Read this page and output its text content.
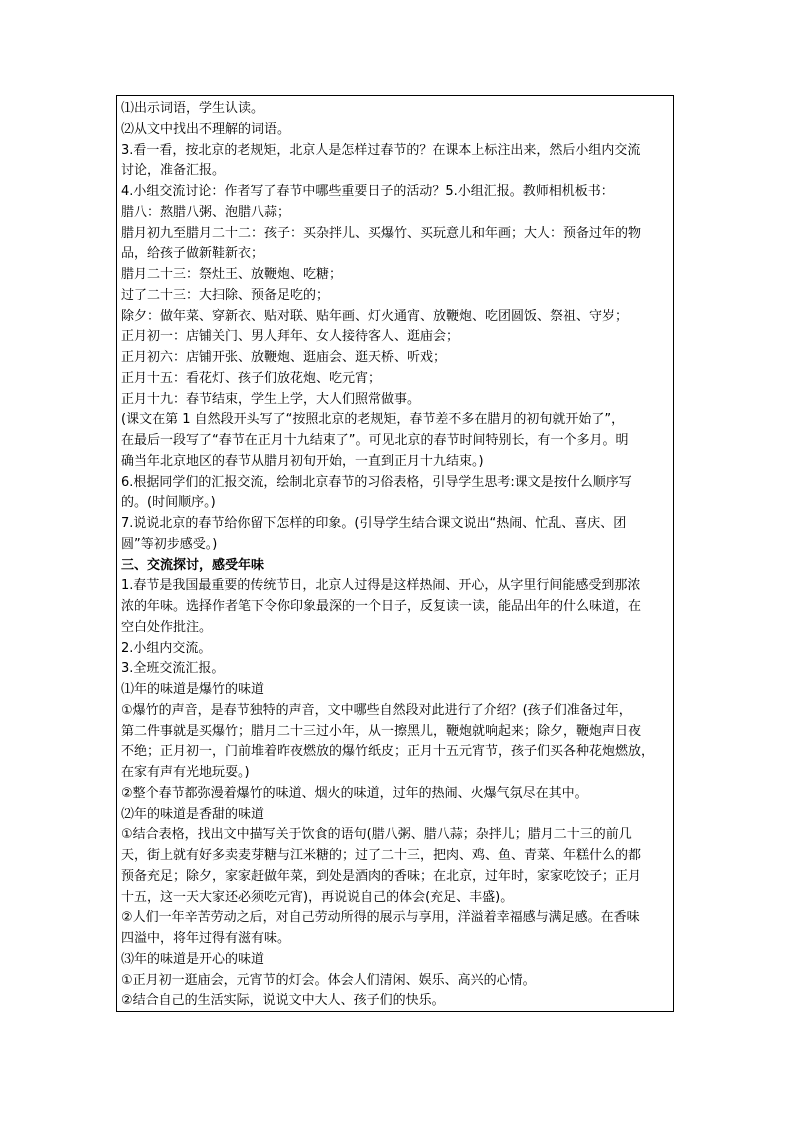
⑴出示词语，学生认读。
⑵从文中找出不理解的词语。
3.看一看，按北京的老规矩，北京人是怎样过春节的？在课本上标注出来，然后小组内交流
讨论，准备汇报。
4.小组交流讨论：作者写了春节中哪些重要日子的活动？5.小组汇报。教师相机板书：
腊八：熬腊八粥、泡腊八蒜；
腊月初九至腊月二十二：孩子：买杂拌儿、买爆竹、买玩意儿和年画；大人：预备过年的物
品，给孩子做新鞋新衣；
腊月二十三：祭灶王、放鞭炮、吃糖；
过了二十三：大扫除、预备足吃的；
除夕：做年菜、穿新衣、贴对联、贴年画、灯火通宵、放鞭炮、吃团圆饭、祭祖、守岁；
正月初一：店铺关门、男人拜年、女人接待客人、逛庙会；
正月初六：店铺开张、放鞭炮、逛庙会、逛天桥、听戏；
正月十五：看花灯、孩子们放花炮、吃元宵；
正月十九：春节结束，学生上学，大人们照常做事。
(课文在第 1 自然段开头写了“按照北京的老规矩，春节差不多在腊月的初旬就开始了”，
在最后一段写了“春节在正月十九结束了”。可见北京的春节时间特别长，有一个多月。明
确当年北京地区的春节从腊月初旬开始，一直到正月十九结束。)
6.根据同学们的汇报交流，绘制北京春节的习俗表格，引导学生思考:课文是按什么顺序写
的。(时间顺序。)
7.说说北京的春节给你留下怎样的印象。(引导学生结合课文说出“热闹、忙乱、喜庆、团
圆”等初步感受。)
三、交流探讨，感受年味
1.春节是我国最重要的传统节日，北京人过得是这样热闹、开心，从字里行间能感受到那浓
浓的年味。选择作者笔下令你印象最深的一个日子，反复读一读，能品出年的什么味道，在
空白处作批注。
2.小组内交流。
3.全班交流汇报。
⑴年的味道是爆竹的味道
①爆竹的声音，是春节独特的声音，文中哪些自然段对此进行了介绍？(孩子们准备过年，
第二件事就是买爆竹；腊月二十三过小年，从一擦黑儿，鞭炮就响起来；除夕，鞭炮声日夜
不绝；正月初一，门前堆着昨夜燃放的爆竹纸皮；正月十五元宵节，孩子们买各种花炮燃放，
在家有声有光地玩耍。)
②整个春节都弥漫着爆竹的味道、烟火的味道，过年的热闹、火爆气氛尽在其中。
⑵年的味道是香甜的味道
①结合表格，找出文中描写关于饮食的语句(腊八粥、腊八蒜；杂拌儿；腊月二十三的前几
天，街上就有好多卖麦芽糖与江米糖的；过了二十三，把肉、鸡、鱼、青菜、年糕什么的都
预备充足；除夕，家家赶做年菜，到处是酒肉的香味；在北京，过年时，家家吃饺子；正月
十五，这一天大家还必须吃元宵)，再说说自己的体会(充足、丰盛)。
②人们一年辛苦劳动之后，对自己劳动所得的展示与享用，洋溢着幸福感与满足感。在香味
四溢中，将年过得有滋有味。
⑶年的味道是开心的味道
①正月初一逛庙会，元宵节的灯会。体会人们清闲、娱乐、高兴的心情。
②结合自己的生活实际，说说文中大人、孩子们的快乐。
